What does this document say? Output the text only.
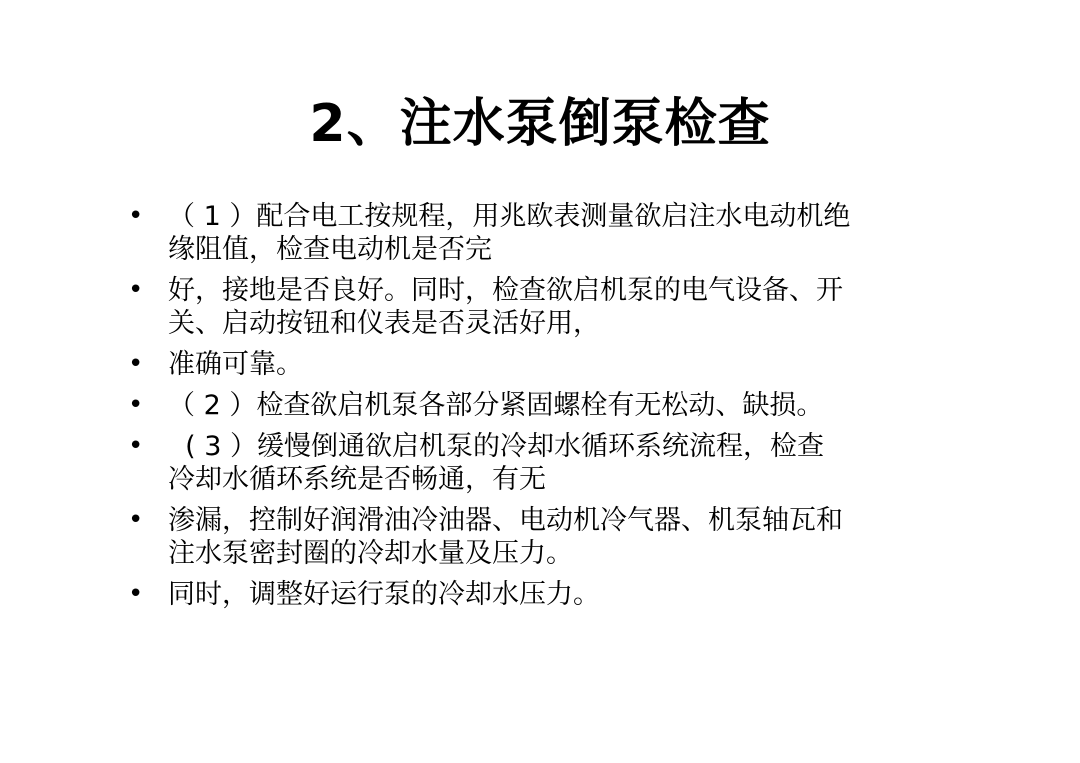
2、注水泵倒泵检查
• （ 1 ）配合电工按规程，用兆欧表测量欲启注水电动机绝
缘阻值，检查电动机是否完
• 好，接地是否良好。同时，检查欲启机泵的电气设备、开
关、启动按钮和仪表是否灵活好用，
• 准确可靠。
• （ 2 ）检查欲启机泵各部分紧固螺栓有无松动、缺损。
•	( 3 ）缓慢倒通欲启机泵的冷却水循环系统流程，检查
冷却水循环系统是否畅通，有无
• 渗漏，控制好润滑油冷油器、电动机冷气器、机泵轴瓦和
注水泵密封圈的冷却水量及压力。
• 同时，调整好运行泵的冷却水压力。
